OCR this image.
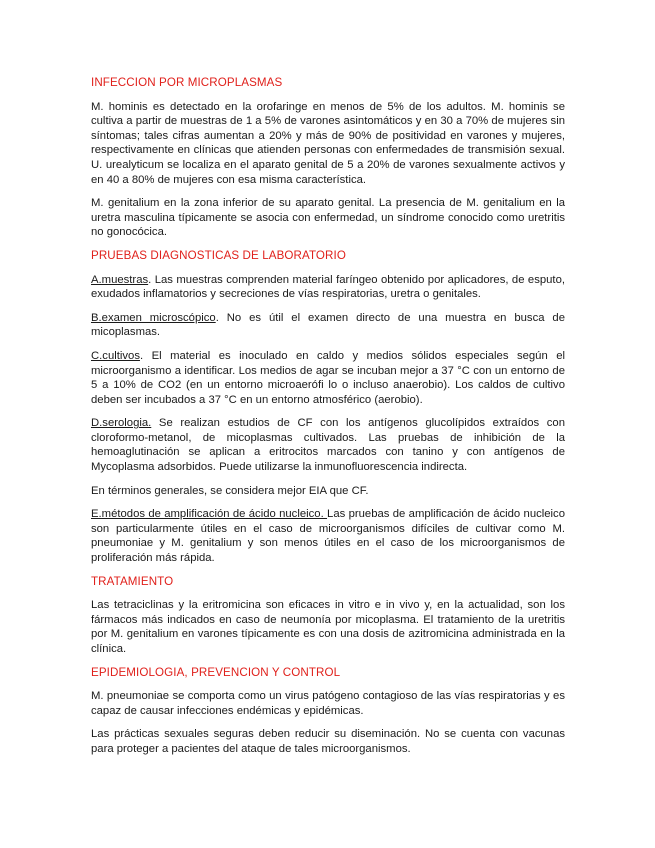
INFECCION POR MICROPLASMAS

M. hominis es detectado en la orofaringe en menos de 5% de los adultos. M. hominis se cultiva a partir de muestras de 1 a 5% de varones asintomáticos y en 30 a 70% de mujeres sin síntomas; tales cifras aumentan a 20% y más de 90% de positividad en varones y mujeres, respectivamente en clínicas que atienden personas con enfermedades de transmisión sexual. U. urealyticum se localiza en el aparato genital de 5 a 20% de varones sexualmente activos y en 40 a 80% de mujeres con esa misma característica.

M. genitalium en la zona inferior de su aparato genital. La presencia de M. genitalium en la uretra masculina típicamente se asocia con enfermedad, un síndrome conocido como uretritis no gonocócica.

PRUEBAS DIAGNOSTICAS DE LABORATORIO

A.muestras. Las muestras comprenden material faríngeo obtenido por aplicadores, de esputo, exudados inflamatorios y secreciones de vías respiratorias, uretra o genitales.

B.examen microscópico. No es útil el examen directo de una muestra en busca de micoplasmas.

C.cultivos. El material es inoculado en caldo y medios sólidos especiales según el microorganismo a identificar. Los medios de agar se incuban mejor a 37 °C con un entorno de 5 a 10% de CO2 (en un entorno microaeróﬁ lo o incluso anaerobio). Los caldos de cultivo deben ser incubados a 37 °C en un entorno atmosférico (aerobio).

D.serologia. Se realizan estudios de CF con los antígenos glucolípidos extraídos con cloroformo-metanol, de micoplasmas cultivados. Las pruebas de inhibición de la hemoaglutinación se aplican a eritrocitos marcados con tanino y con antígenos de Mycoplasma adsorbidos. Puede utilizarse la inmunofluorescencia indirecta.

En términos generales, se considera mejor EIA que CF.

E.métodos de amplificación de ácido nucleico. Las pruebas de amplificación de ácido nucleico son particularmente útiles en el caso de microorganismos difíciles de cultivar como M. pneumoniae y M. genitalium y son menos útiles en el caso de los microorganismos de proliferación más rápida.

TRATAMIENTO

Las tetraciclinas y la eritromicina son eficaces in vitro e in vivo y, en la actualidad, son los fármacos más indicados en caso de neumonía por micoplasma. El tratamiento de la uretritis por M. genitalium en varones típicamente es con una dosis de azitromicina administrada en la clínica.

EPIDEMIOLOGIA, PREVENCION Y CONTROL

M. pneumoniae se comporta como un virus patógeno contagioso de las vías respiratorias y es capaz de causar infecciones endémicas y epidémicas.

Las prácticas sexuales seguras deben reducir su diseminación. No se cuenta con vacunas para proteger a pacientes del ataque de tales microorganismos.
